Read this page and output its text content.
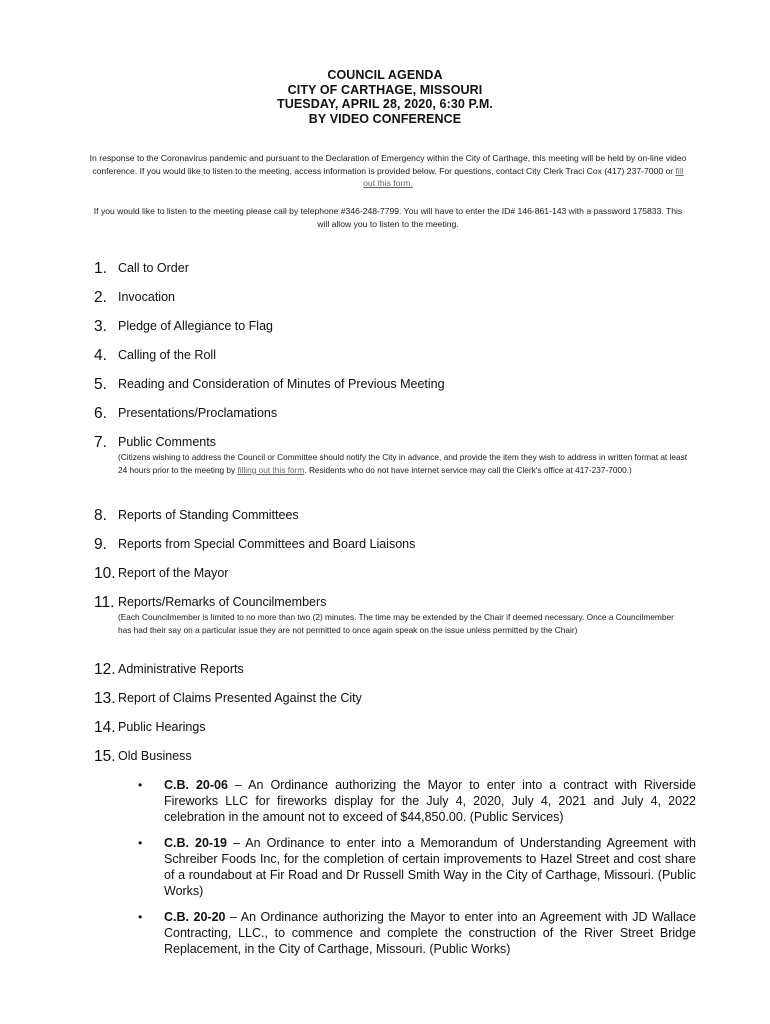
COUNCIL AGENDA
CITY OF CARTHAGE, MISSOURI
TUESDAY, APRIL 28, 2020, 6:30 P.M.
BY VIDEO CONFERENCE
In response to the Coronavirus pandemic and pursuant to the Declaration of Emergency within the City of Carthage, this meeting will be held by on-line video conference. If you would like to listen to the meeting, access information is provided below. For questions, contact City Clerk Traci Cox (417) 237-7000 or fill out this form.
If you would like to listen to the meeting please call by telephone #346-248-7799. You will have to enter the ID# 146-861-143 with a password 175833. This will allow you to listen to the meeting.
1. Call to Order
2. Invocation
3. Pledge of Allegiance to Flag
4. Calling of the Roll
5. Reading and Consideration of Minutes of Previous Meeting
6. Presentations/Proclamations
7. Public Comments
(Citizens wishing to address the Council or Committee should notify the City in advance, and provide the item they wish to address in written format at least 24 hours prior to the meeting by filling out this form. Residents who do not have internet service may call the Clerk's office at 417-237-7000.)
8. Reports of Standing Committees
9. Reports from Special Committees and Board Liaisons
10. Report of the Mayor
11. Reports/Remarks of Councilmembers
(Each Councilmember is limited to no more than two (2) minutes. The time may be extended by the Chair if deemed necessary. Once a Councilmember has had their say on a particular issue they are not permitted to once again speak on the issue unless permitted by the Chair)
12. Administrative Reports
13. Report of Claims Presented Against the City
14. Public Hearings
15. Old Business
• C.B. 20-06 – An Ordinance authorizing the Mayor to enter into a contract with Riverside Fireworks LLC for fireworks display for the July 4, 2020, July 4, 2021 and July 4, 2022 celebration in the amount not to exceed of $44,850.00. (Public Services)
• C.B. 20-19 – An Ordinance to enter into a Memorandum of Understanding Agreement with Schreiber Foods Inc, for the completion of certain improvements to Hazel Street and cost share of a roundabout at Fir Road and Dr Russell Smith Way in the City of Carthage, Missouri. (Public Works)
• C.B. 20-20 – An Ordinance authorizing the Mayor to enter into an Agreement with JD Wallace Contracting, LLC., to commence and complete the construction of the River Street Bridge Replacement, in the City of Carthage, Missouri. (Public Works)
